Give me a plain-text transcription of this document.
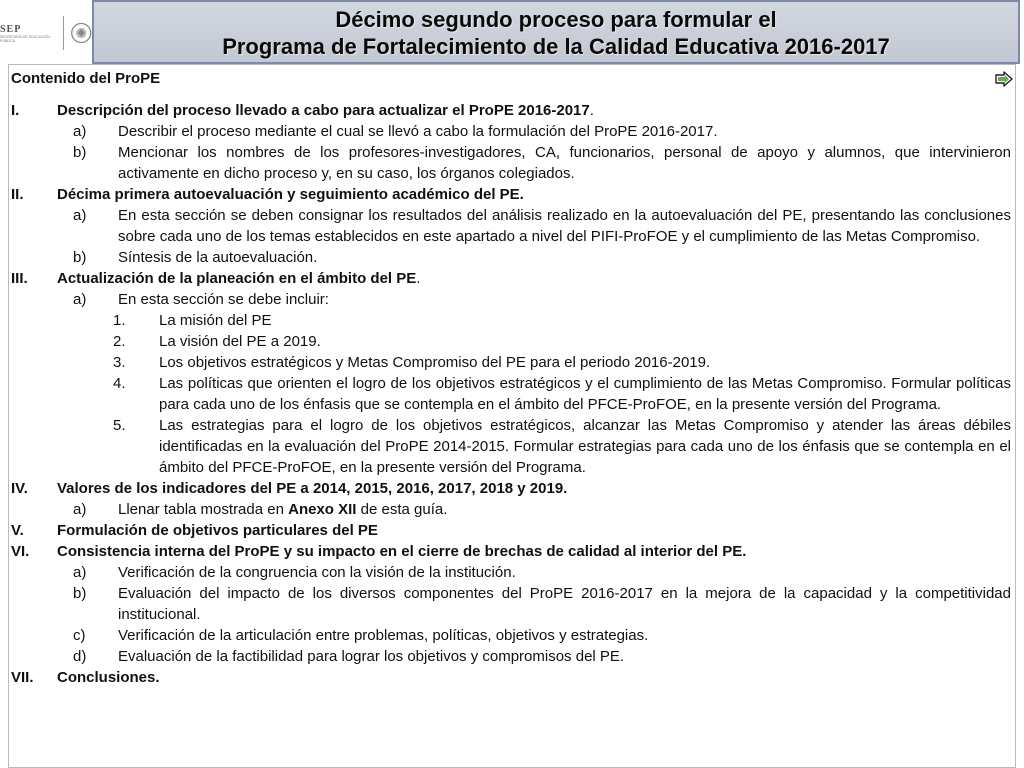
SEP
SECRETARÍA DE EDUCACIÓN PÚBLICA
Décimo segundo proceso para formular el
Programa de Fortalecimiento de la Calidad Educativa 2016-2017
Contenido del ProPE
I.	Descripción del proceso llevado a cabo para actualizar el ProPE 2016-2017.
a) Describir el proceso mediante el cual se llevó a cabo la formulación del ProPE 2016-2017.
b) Mencionar los nombres de los profesores-investigadores, CA, funcionarios, personal de apoyo y alumnos, que intervinieron activamente en dicho proceso y, en su caso, los órganos colegiados.
II. Décima primera autoevaluación y seguimiento académico del PE.
a) En esta sección se deben consignar los resultados del análisis realizado en la autoevaluación del PE, presentando las conclusiones sobre cada uno de los temas establecidos en este apartado a nivel del PIFI-ProFOE y el cumplimiento de las Metas Compromiso.
b) Síntesis de la autoevaluación.
III. Actualización de la planeación en el ámbito del PE.
a) En esta sección se debe incluir:
1. La misión del PE
2. La visión del PE a 2019.
3. Los objetivos estratégicos y Metas Compromiso del PE para el periodo 2016-2019.
4. Las políticas que orienten el logro de los objetivos estratégicos y el cumplimiento de las Metas Compromiso. Formular políticas para cada uno de los énfasis que se contempla en el ámbito del PFCE-ProFOE, en la presente versión del Programa.
5. Las estrategias para el logro de los objetivos estratégicos, alcanzar las Metas Compromiso y atender las áreas débiles identificadas en la evaluación del ProPE 2014-2015. Formular estrategias para cada uno de los énfasis que se contempla en el ámbito del PFCE-ProFOE, en la presente versión del Programa.
IV. Valores de los indicadores del PE a 2014, 2015, 2016, 2017, 2018 y 2019.
a) Llenar tabla mostrada en Anexo XII de esta guía.
V. Formulación de objetivos particulares del PE
VI. Consistencia interna del ProPE y su impacto en el cierre de brechas de calidad al interior del PE.
a) Verificación de la congruencia con la visión de la institución.
b) Evaluación del impacto de los diversos componentes del ProPE 2016-2017 en la mejora de la capacidad y la competitividad institucional.
c) Verificación de la articulación entre problemas, políticas, objetivos y estrategias.
d) Evaluación de la factibilidad para lograr los objetivos y compromisos del PE.
VII. Conclusiones.
